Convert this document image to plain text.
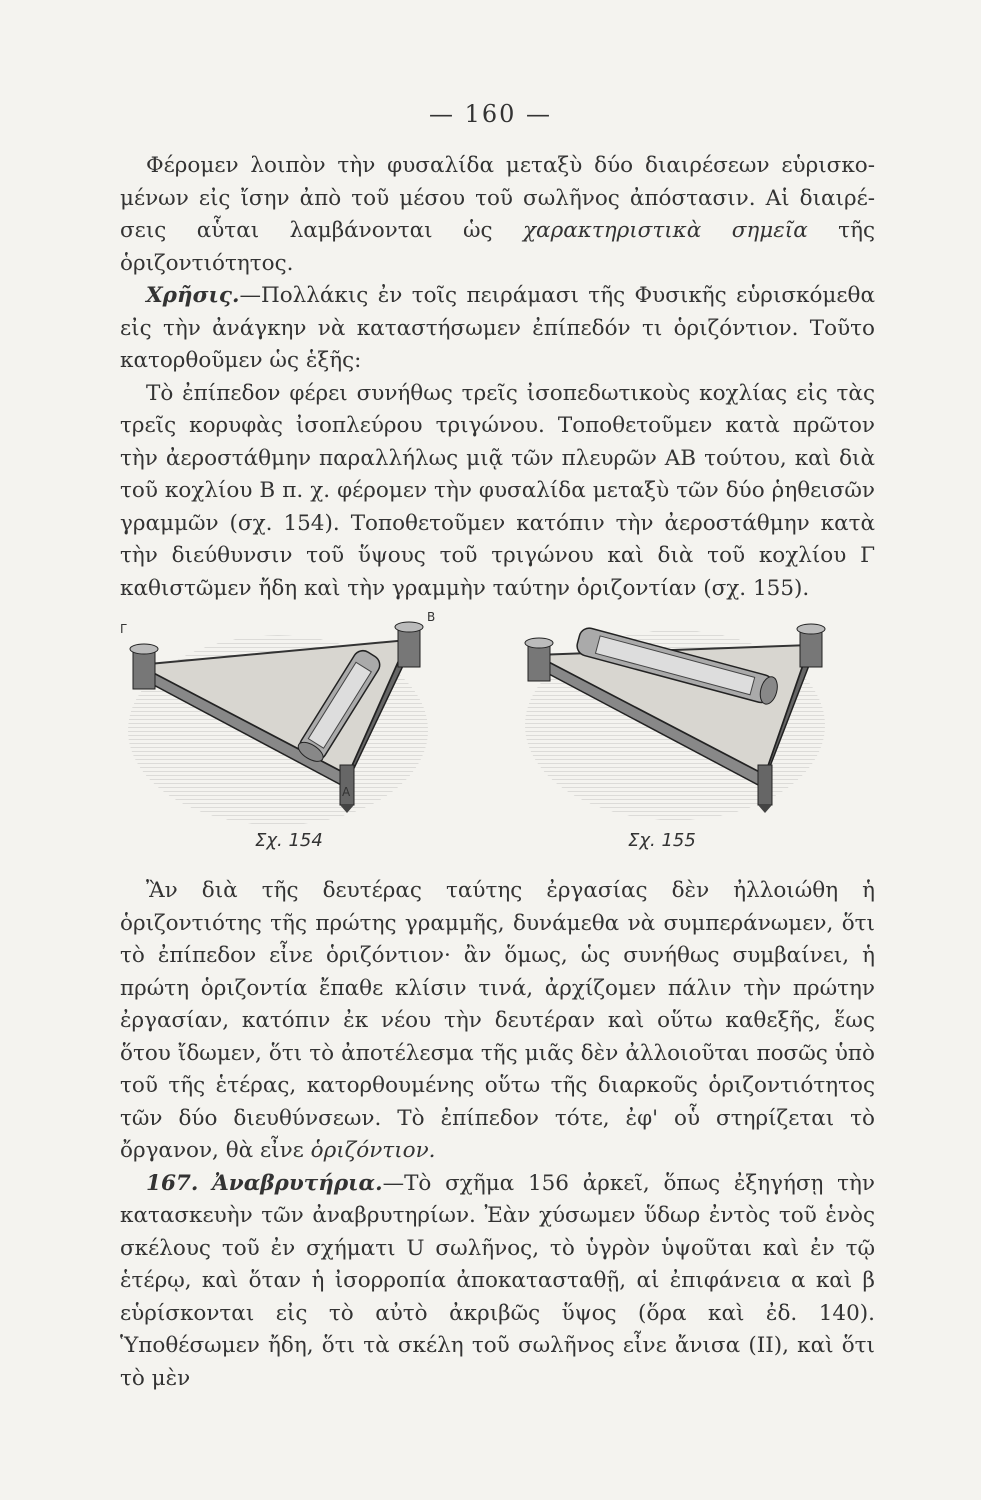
— 160 —

Φέρομεν λοιπὸν τὴν φυσαλίδα μεταξὺ δύο διαιρέσεων εὑρισκο- μένων εἰς ἴσην ἀπὸ τοῦ μέσου τοῦ σωλῆνος ἀπόστασιν. Αἱ διαιρέ- σεις αὗται λαμβάνονται ὡς χαρακτηριστικὰ σημεῖα τῆς ὁριζοντιότητος.

Χρῆσις.—Πολλάκις ἐν τοῖς πειράμασι τῆς Φυσικῆς εὑρισκόμεθα εἰς τὴν ἀνάγκην νὰ καταστήσωμεν ἐπίπεδόν τι ὁριζόντιον. Τοῦτο κατορθοῦμεν ὡς ἑξῆς:

Τὸ ἐπίπεδον φέρει συνήθως τρεῖς ἰσοπεδωτικοὺς κοχλίας εἰς τὰς τρεῖς κορυφὰς ἰσοπλεύρου τριγώνου. Τοποθετοῦμεν κατὰ πρῶτον τὴν ἀεροστάθμην παραλλήλως μιᾷ τῶν πλευρῶν ΑΒ τούτου, καὶ διὰ τοῦ κοχλίου Β π. χ. φέρομεν τὴν φυσαλίδα μεταξὺ τῶν δύο ῥηθεισῶν γραμμῶν (σχ. 154). Τοποθετοῦμεν κατόπιν τὴν ἀεροστάθμην κατὰ τὴν διεύθυνσιν τοῦ ὕψους τοῦ τριγώνου καὶ διὰ τοῦ κοχλίου Γ καθιστῶμεν ἤδη καὶ τὴν γραμμὴν ταύτην ὁριζοντίαν (σχ. 155).

Γ
Β
Α
Σχ. 154	Σχ. 155

Ἂν διὰ τῆς δευτέρας ταύτης ἐργασίας δὲν ἠλλοιώθη ἡ ὁριζοντιότης τῆς πρώτης γραμμῆς, δυνάμεθα νὰ συμπεράνωμεν, ὅτι τὸ ἐπίπεδον εἶνε ὁριζόντιον· ἂν ὅμως, ὡς συνήθως συμβαίνει, ἡ πρώτη ὁριζοντία ἔπαθε κλίσιν τινά, ἀρχίζομεν πάλιν τὴν πρώτην ἐργασίαν, κατόπιν ἐκ νέου τὴν δευτέραν καὶ οὕτω καθεξῆς, ἕως ὅτου ἴδωμεν, ὅτι τὸ ἀποτέλεσμα τῆς μιᾶς δὲν ἀλλοιοῦται ποσῶς ὑπὸ τοῦ τῆς ἑτέρας, κατορθουμένης οὕτω τῆς διαρκοῦς ὁριζοντιότητος τῶν δύο διευθύνσεων. Τὸ ἐπίπεδον τότε, ἐφ' οὗ στηρίζεται τὸ ὄργανον, θὰ εἶνε ὁριζόντιον.

167. Ἀναβρυτήρια.—Τὸ σχῆμα 156 ἀρκεῖ, ὅπως ἐξηγήσῃ τὴν κατασκευὴν τῶν ἀναβρυτηρίων. Ἐὰν χύσωμεν ὕδωρ ἐντὸς τοῦ ἑνὸς σκέλους τοῦ ἐν σχήματι U σωλῆνος, τὸ ὑγρὸν ὑψοῦται καὶ ἐν τῷ ἑτέρῳ, καὶ ὅταν ἡ ἰσορροπία ἀποκατασταθῇ, αἱ ἐπιφάνεια α καὶ β εὑρίσκονται εἰς τὸ αὐτὸ ἀκριβῶς ὕψος (ὅρα καὶ ἐδ. 140). Ὑποθέσωμεν ἤδη, ὅτι τὰ σκέλη τοῦ σωλῆνος εἶνε ἄνισα (ΙΙ), καὶ ὅτι τὸ μὲν
